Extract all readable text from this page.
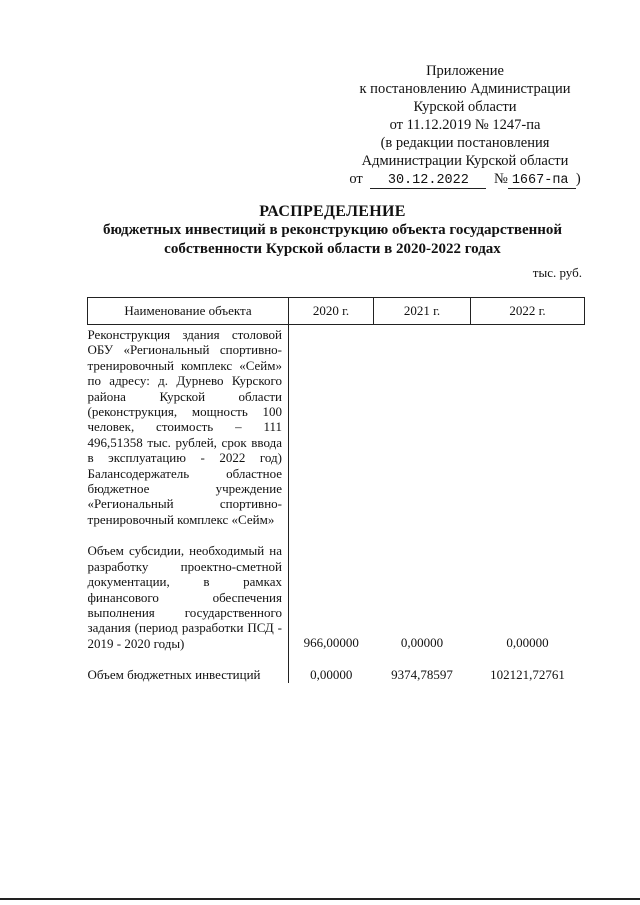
Приложение
к постановлению Администрации
Курской области
от 11.12.2019 № 1247-па
(в редакции постановления
Администрации Курской области
от 30.12.2022 № 1667-па )
РАСПРЕДЕЛЕНИЕ
бюджетных инвестиций в реконструкцию объекта государственной
собственности Курской области в 2020-2022 годах
тыс. руб.
Наименование объекта	2020 г.	2021 г.	2022 г.
Реконструкция здания столовой ОБУ «Региональный спортивно-тренировочный комплекс «Сейм» по адресу: д. Дурнево Курского района Курской области (реконструкция, мощность 100 человек, стоимость – 111 496,51358 тыс. рублей, срок ввода в эксплуатацию - 2022 год) Балансодержатель областное бюджетное учреждение «Региональный спортивно-тренировочный комплекс «Сейм»			

Объем субсидии, необходимый на разработку проектно-сметной документации, в рамках финансового обеспечения выполнения государственного задания (период разработки ПСД - 2019 - 2020 годы)	966,00000	0,00000	0,00000

Объем бюджетных инвестиций	0,00000	9374,78597	102121,72761
